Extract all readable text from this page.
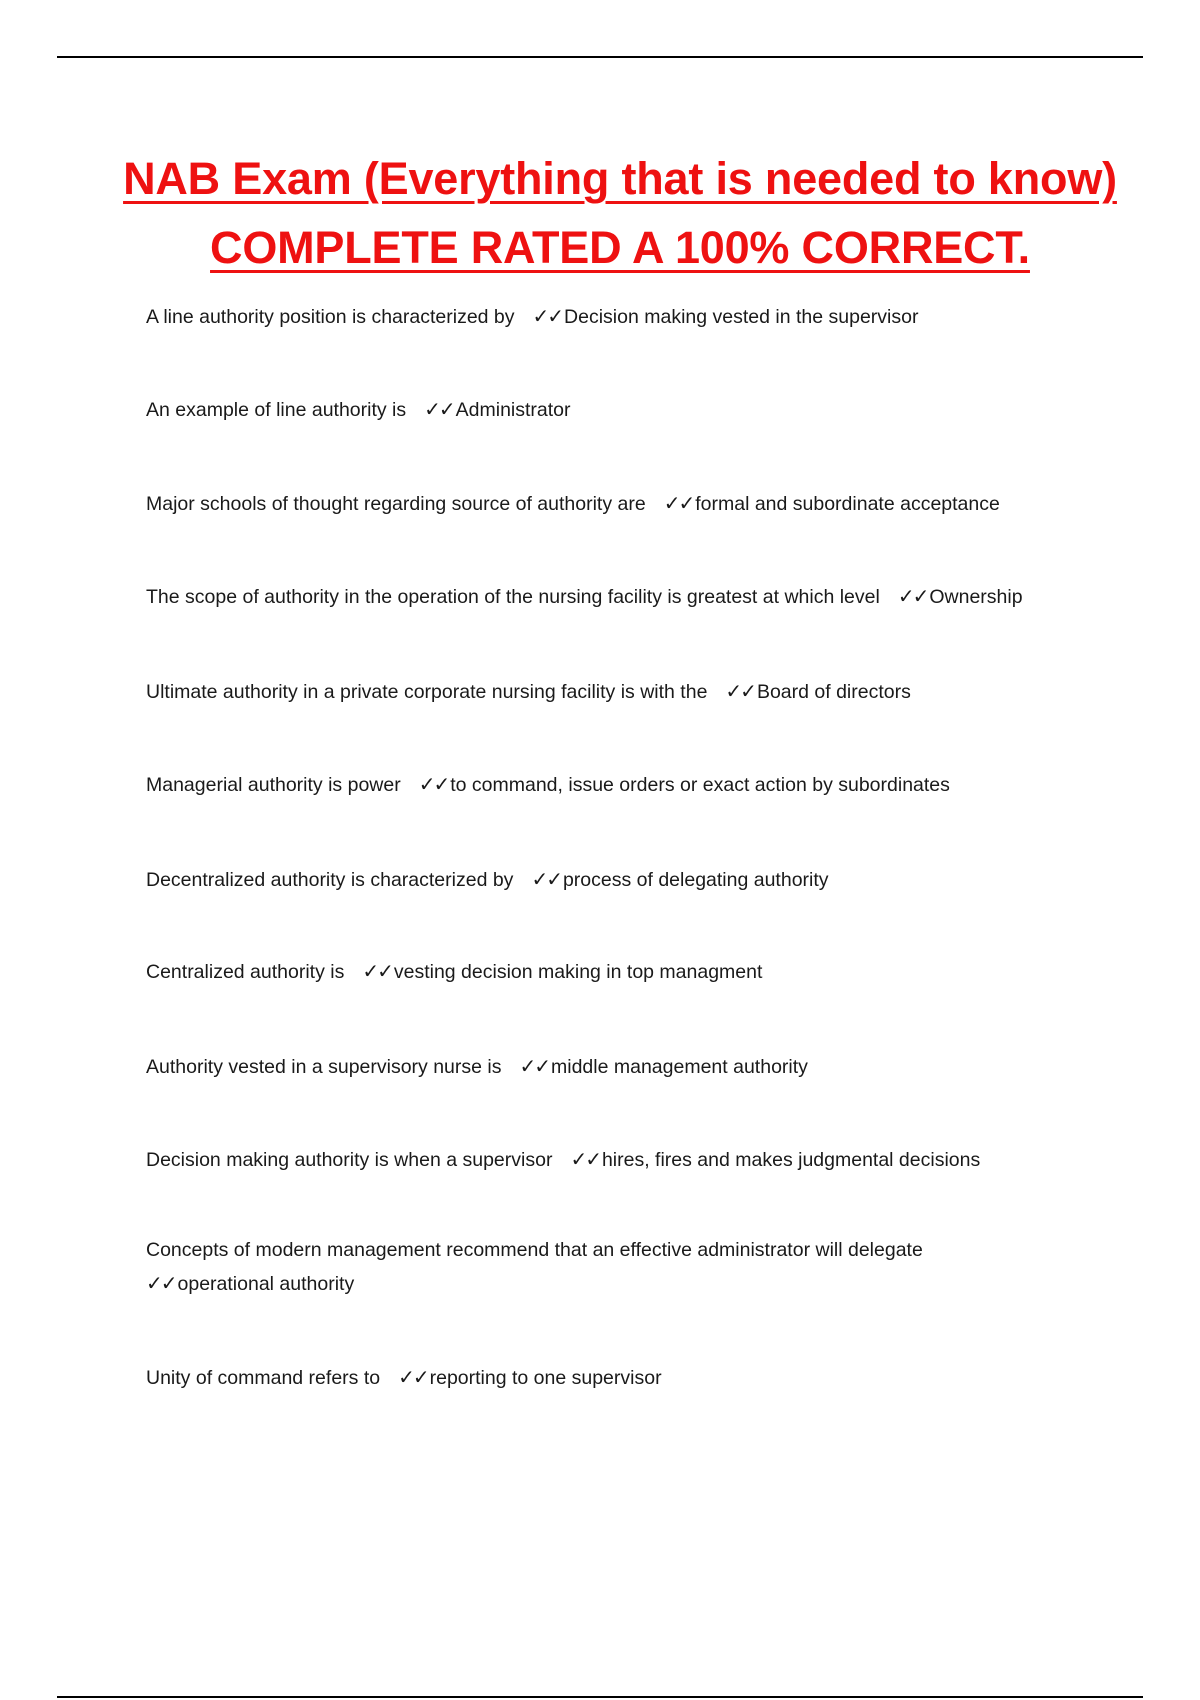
NAB Exam (Everything that is needed to know) COMPLETE RATED A 100% CORRECT.
A line authority position is characterized by ✓✓ Decision making vested in the supervisor
An example of line authority is ✓✓ Administrator
Major schools of thought regarding source of authority are ✓✓ formal and subordinate acceptance
The scope of authority in the operation of the nursing facility is greatest at which level ✓✓ Ownership
Ultimate authority in a private corporate nursing facility is with the ✓✓ Board of directors
Managerial authority is power ✓✓ to command, issue orders or exact action by subordinates
Decentralized authority is characterized by ✓✓ process of delegating authority
Centralized authority is ✓✓ vesting decision making in top managment
Authority vested in a supervisory nurse is ✓✓ middle management authority
Decision making authority is when a supervisor ✓✓ hires, fires and makes judgmental decisions
Concepts of modern management recommend that an effective administrator will delegate
✓✓ operational authority
Unity of command refers to ✓✓ reporting to one supervisor
